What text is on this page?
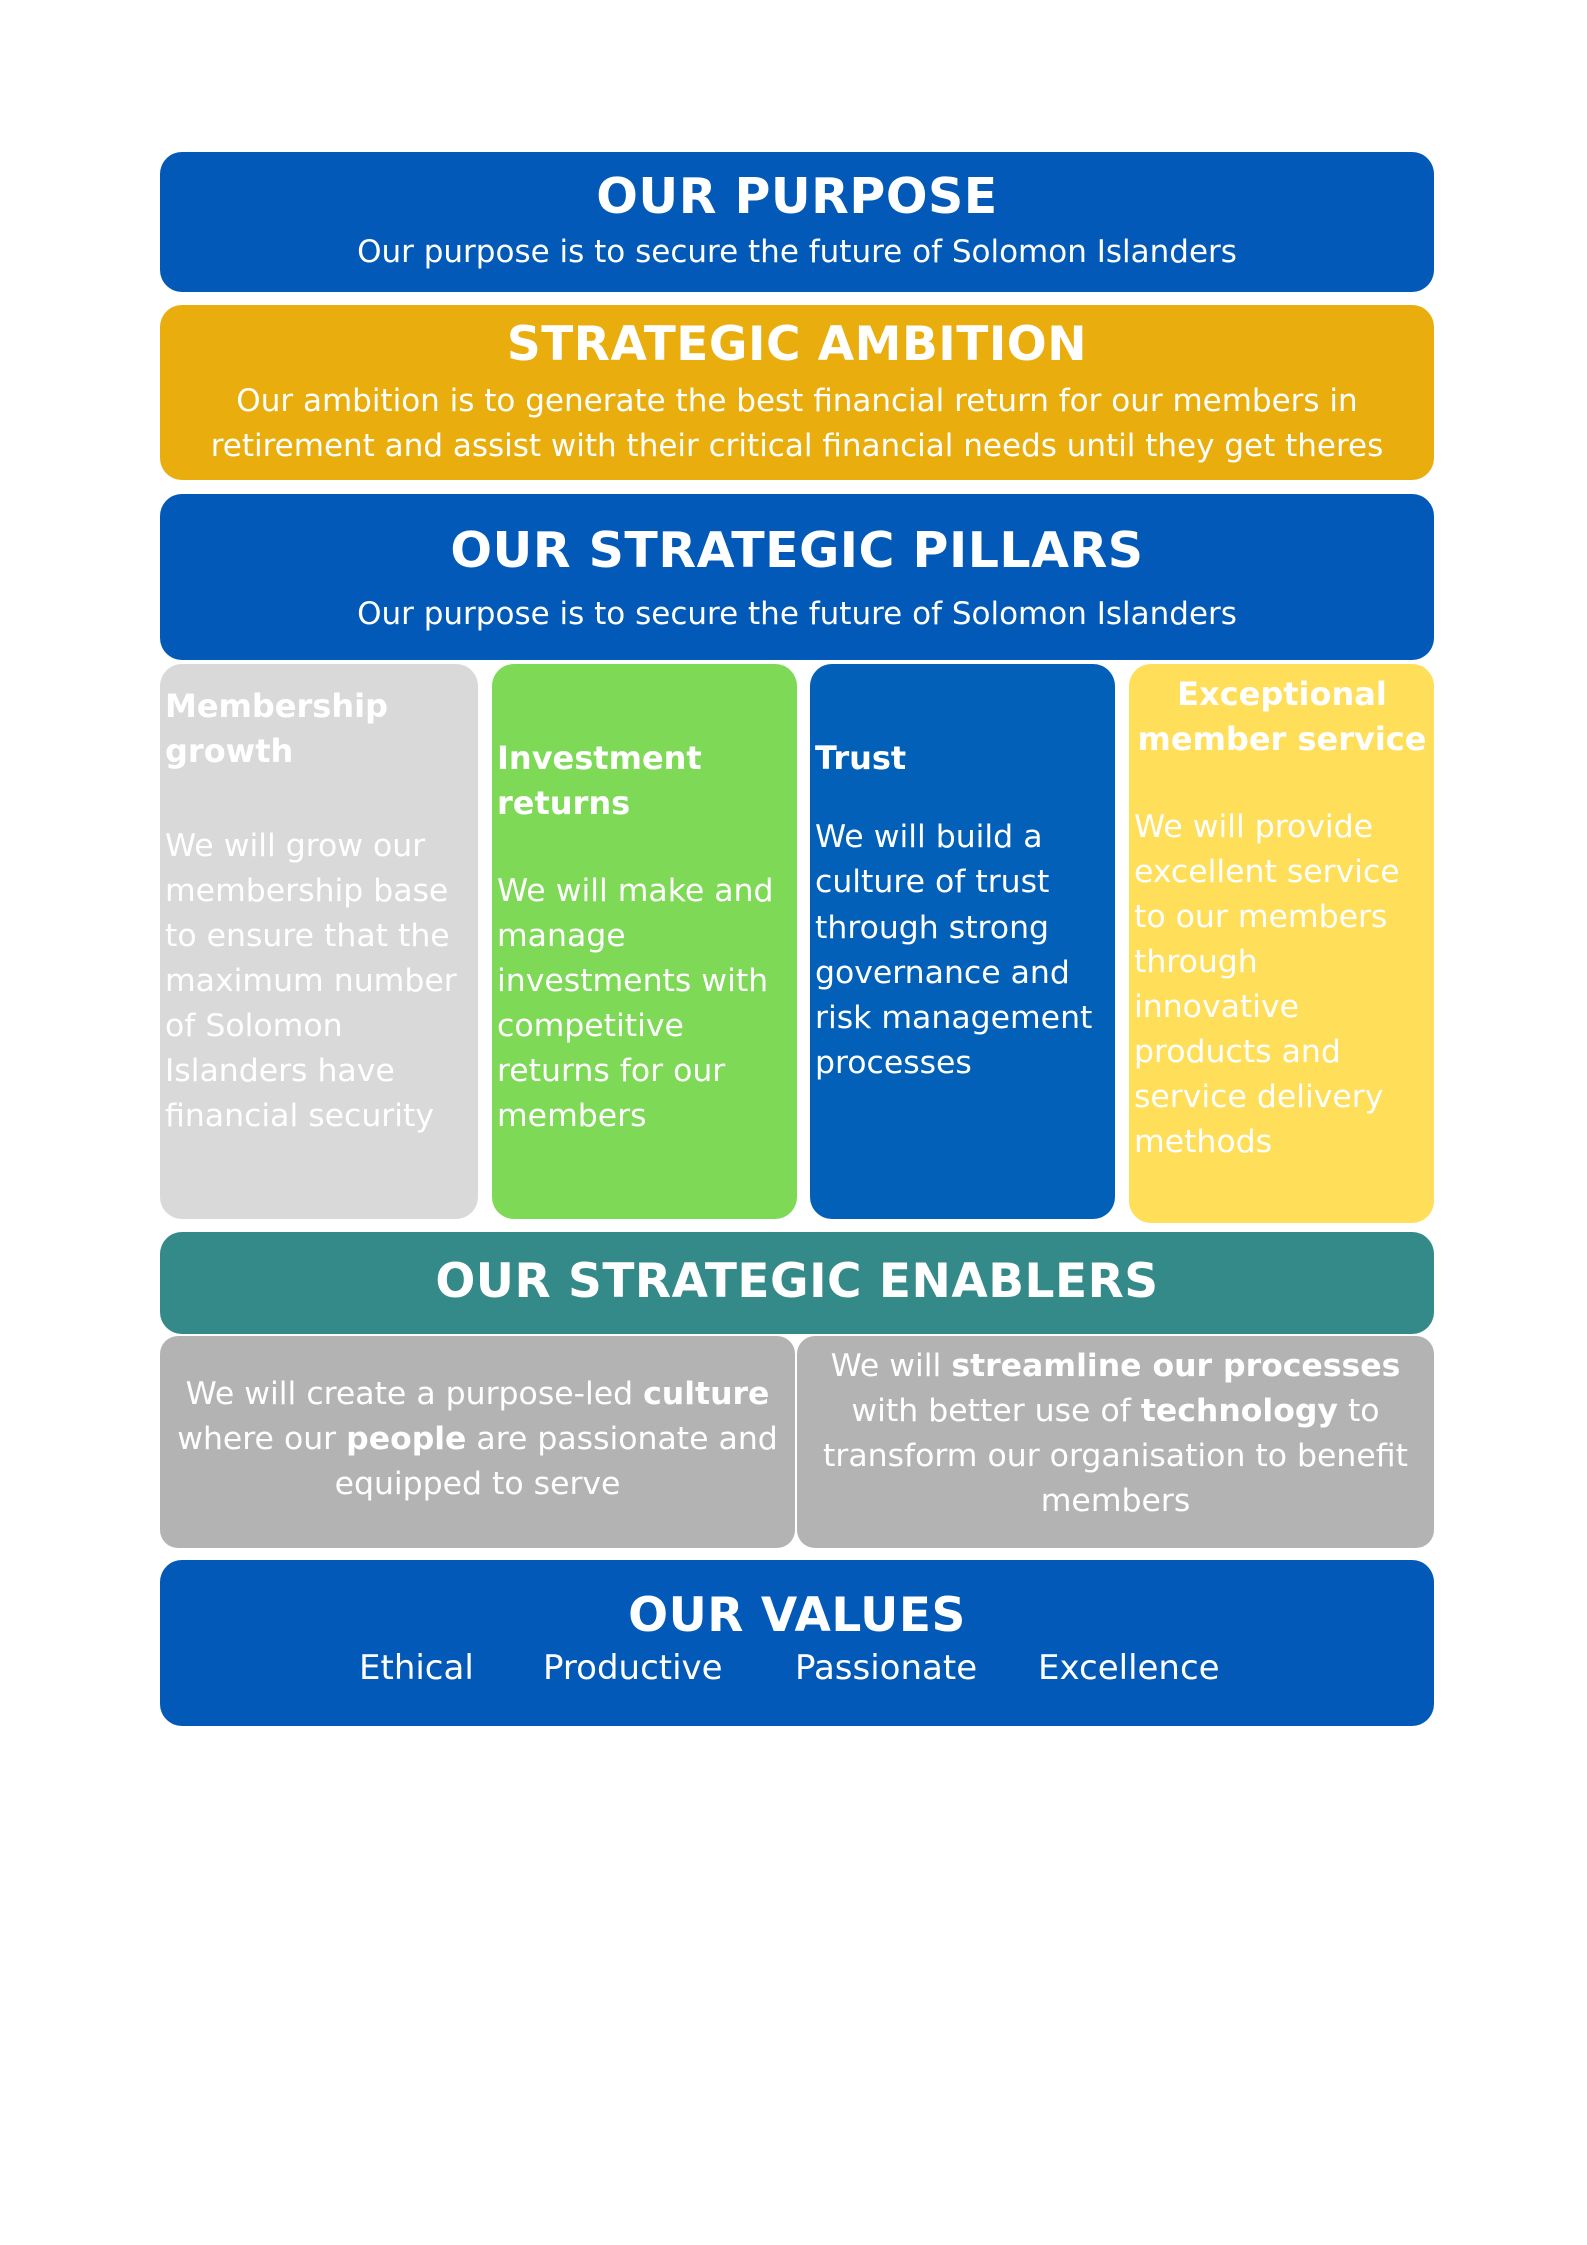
OUR PURPOSE

Our purpose is to secure the future of Solomon Islanders

STRATEGIC AMBITION

Our ambition is to generate the best financial return for our members in
retirement and assist with their critical financial needs until they get theres

OUR STRATEGIC PILLARS

Our purpose is to secure the future of Solomon Islanders

Membership
growth

We will grow our
membership base
to ensure that the
maximum number
of Solomon
Islanders have
financial security

Investment
returns

We will make and
manage
investments with
competitive
returns for our
members

Trust

We will build a
culture of trust
through strong
governance and
risk management
processes

Exceptional
member service

We will provide
excellent service
to our members
through
innovative
products and
service delivery
methods

OUR STRATEGIC ENABLERS

We will create a purpose-led culture
where our people are passionate and
equipped to serve

We will streamline our processes
with better use of technology to
transform our organisation to benefit
members

OUR VALUES
Ethical Productive Passionate Excellence
